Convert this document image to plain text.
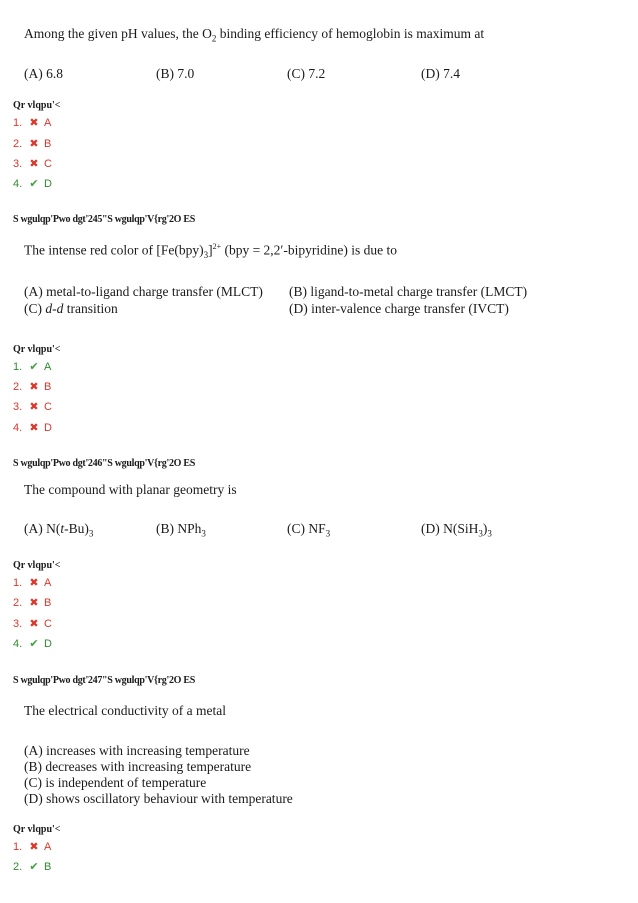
Among the given pH values, the $O_2$ binding efficiency of hemoglobin is maximum at
(A) 6.8	(B) 7.0	(C) 7.2	(D) 7.4
Qr vlqpu'<
1. ✖ A
2. ✖ B
3. ✖ C
4. ✔ D
S wgulqp'Pwo dgt'245"S wgulqp'V{rg'2O ES
The intense red color of $[Fe(bpy)_3]^{2+}$ (bpy = 2,2′-bipyridine) is due to
(A) metal-to-ligand charge transfer (MLCT) (B) ligand-to-metal charge transfer (LMCT)
(C) d-d transition	(D) inter-valence charge transfer (IVCT)
Qr vlqpu'<
1. ✔ A
2. ✖ B
3. ✖ C
4. ✖ D
S wgulqp'Pwo dgt'246"S wgulqp'V{rg'2O ES
The compound with planar geometry is
(A) $N(t-Bu)_3$	(B) NPh$_3$	(C) $NF_3$	(D) $N(SiH_3)_3$
Qr vlqpu'<
1. ✖ A
2. ✖ B
3. ✖ C
4. ✔ D
S wgulqp'Pwo dgt'247"S wgulqp'V{rg'2O ES
The electrical conductivity of a metal
(A) increases with increasing temperature
(B) decreases with increasing temperature
(C) is independent of temperature
(D) shows oscillatory behaviour with temperature
Qr vlqpu'<
1. ✖ A
2. ✔ B
